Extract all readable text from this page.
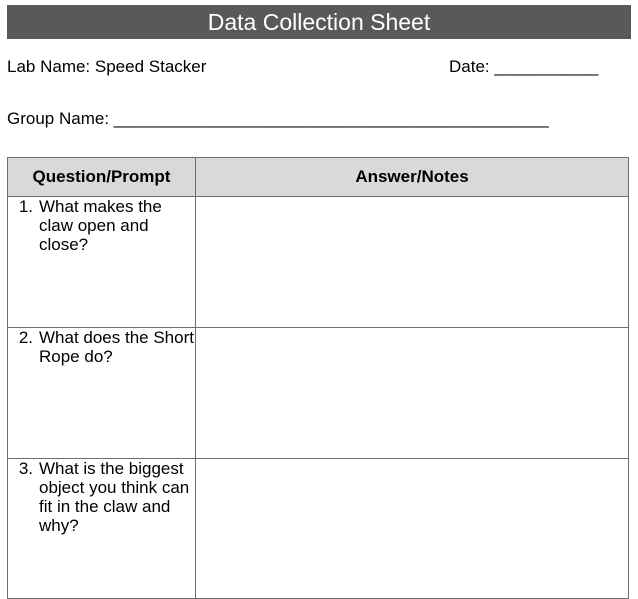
Data Collection Sheet
Lab Name: Speed Stacker	Date: ___________
Group Name: ______________________________________________
Question/Prompt	Answer/Notes

1. What makes the claw open and close?	

2. What does the Short Rope do?	

3. What is the biggest object you think can fit in the claw and why?	
